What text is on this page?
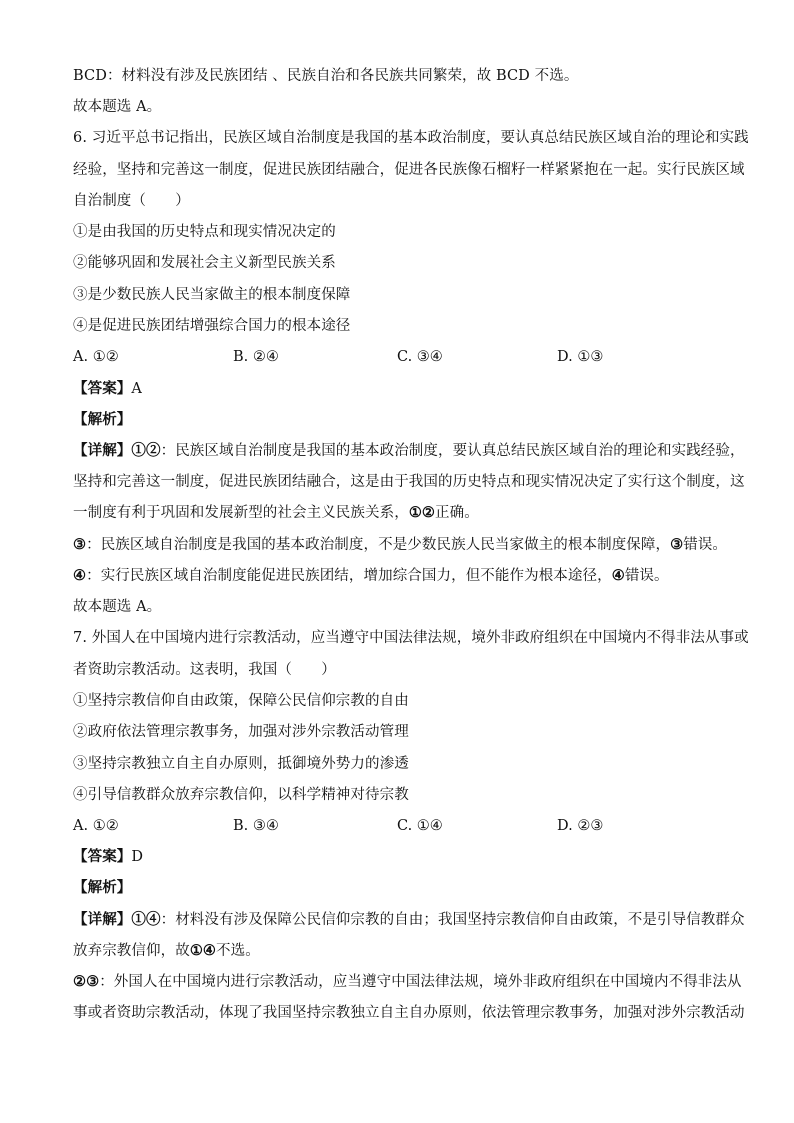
BCD：材料没有涉及民族团结 、民族自治和各民族共同繁荣，故 BCD 不选。
故本题选 A。
6. 习近平总书记指出，民族区域自治制度是我国的基本政治制度，要认真总结民族区域自治的理论和实践
经验，坚持和完善这一制度，促进民族团结融合，促进各民族像石榴籽一样紧紧抱在一起。实行民族区域
自治制度（　　）
①是由我国的历史特点和现实情况决定的
②能够巩固和发展社会主义新型民族关系
③是少数民族人民当家做主的根本制度保障
④是促进民族团结增强综合国力的根本途径
A. ①②	B. ②④	C. ③④	D. ①③
【答案】A
【解析】
【详解】①②：民族区域自治制度是我国的基本政治制度，要认真总结民族区域自治的理论和实践经验，
坚持和完善这一制度，促进民族团结融合，这是由于我国的历史特点和现实情况决定了实行这个制度，这
一制度有利于巩固和发展新型的社会主义民族关系，①②正确。
③：民族区域自治制度是我国的基本政治制度，不是少数民族人民当家做主的根本制度保障，③错误。
④：实行民族区域自治制度能促进民族团结，增加综合国力，但不能作为根本途径，④错误。
故本题选 A。
7. 外国人在中国境内进行宗教活动，应当遵守中国法律法规，境外非政府组织在中国境内不得非法从事或
者资助宗教活动。这表明，我国（　　）
①坚持宗教信仰自由政策，保障公民信仰宗教的自由
②政府依法管理宗教事务，加强对涉外宗教活动管理
③坚持宗教独立自主自办原则，抵御境外势力的渗透
④引导信教群众放弃宗教信仰，以科学精神对待宗教
A. ①②	B. ③④	C. ①④	D. ②③
【答案】D
【解析】
【详解】①④：材料没有涉及保障公民信仰宗教的自由；我国坚持宗教信仰自由政策，不是引导信教群众
放弃宗教信仰，故①④不选。
②③：外国人在中国境内进行宗教活动，应当遵守中国法律法规，境外非政府组织在中国境内不得非法从
事或者资助宗教活动，体现了我国坚持宗教独立自主自办原则，依法管理宗教事务，加强对涉外宗教活动
